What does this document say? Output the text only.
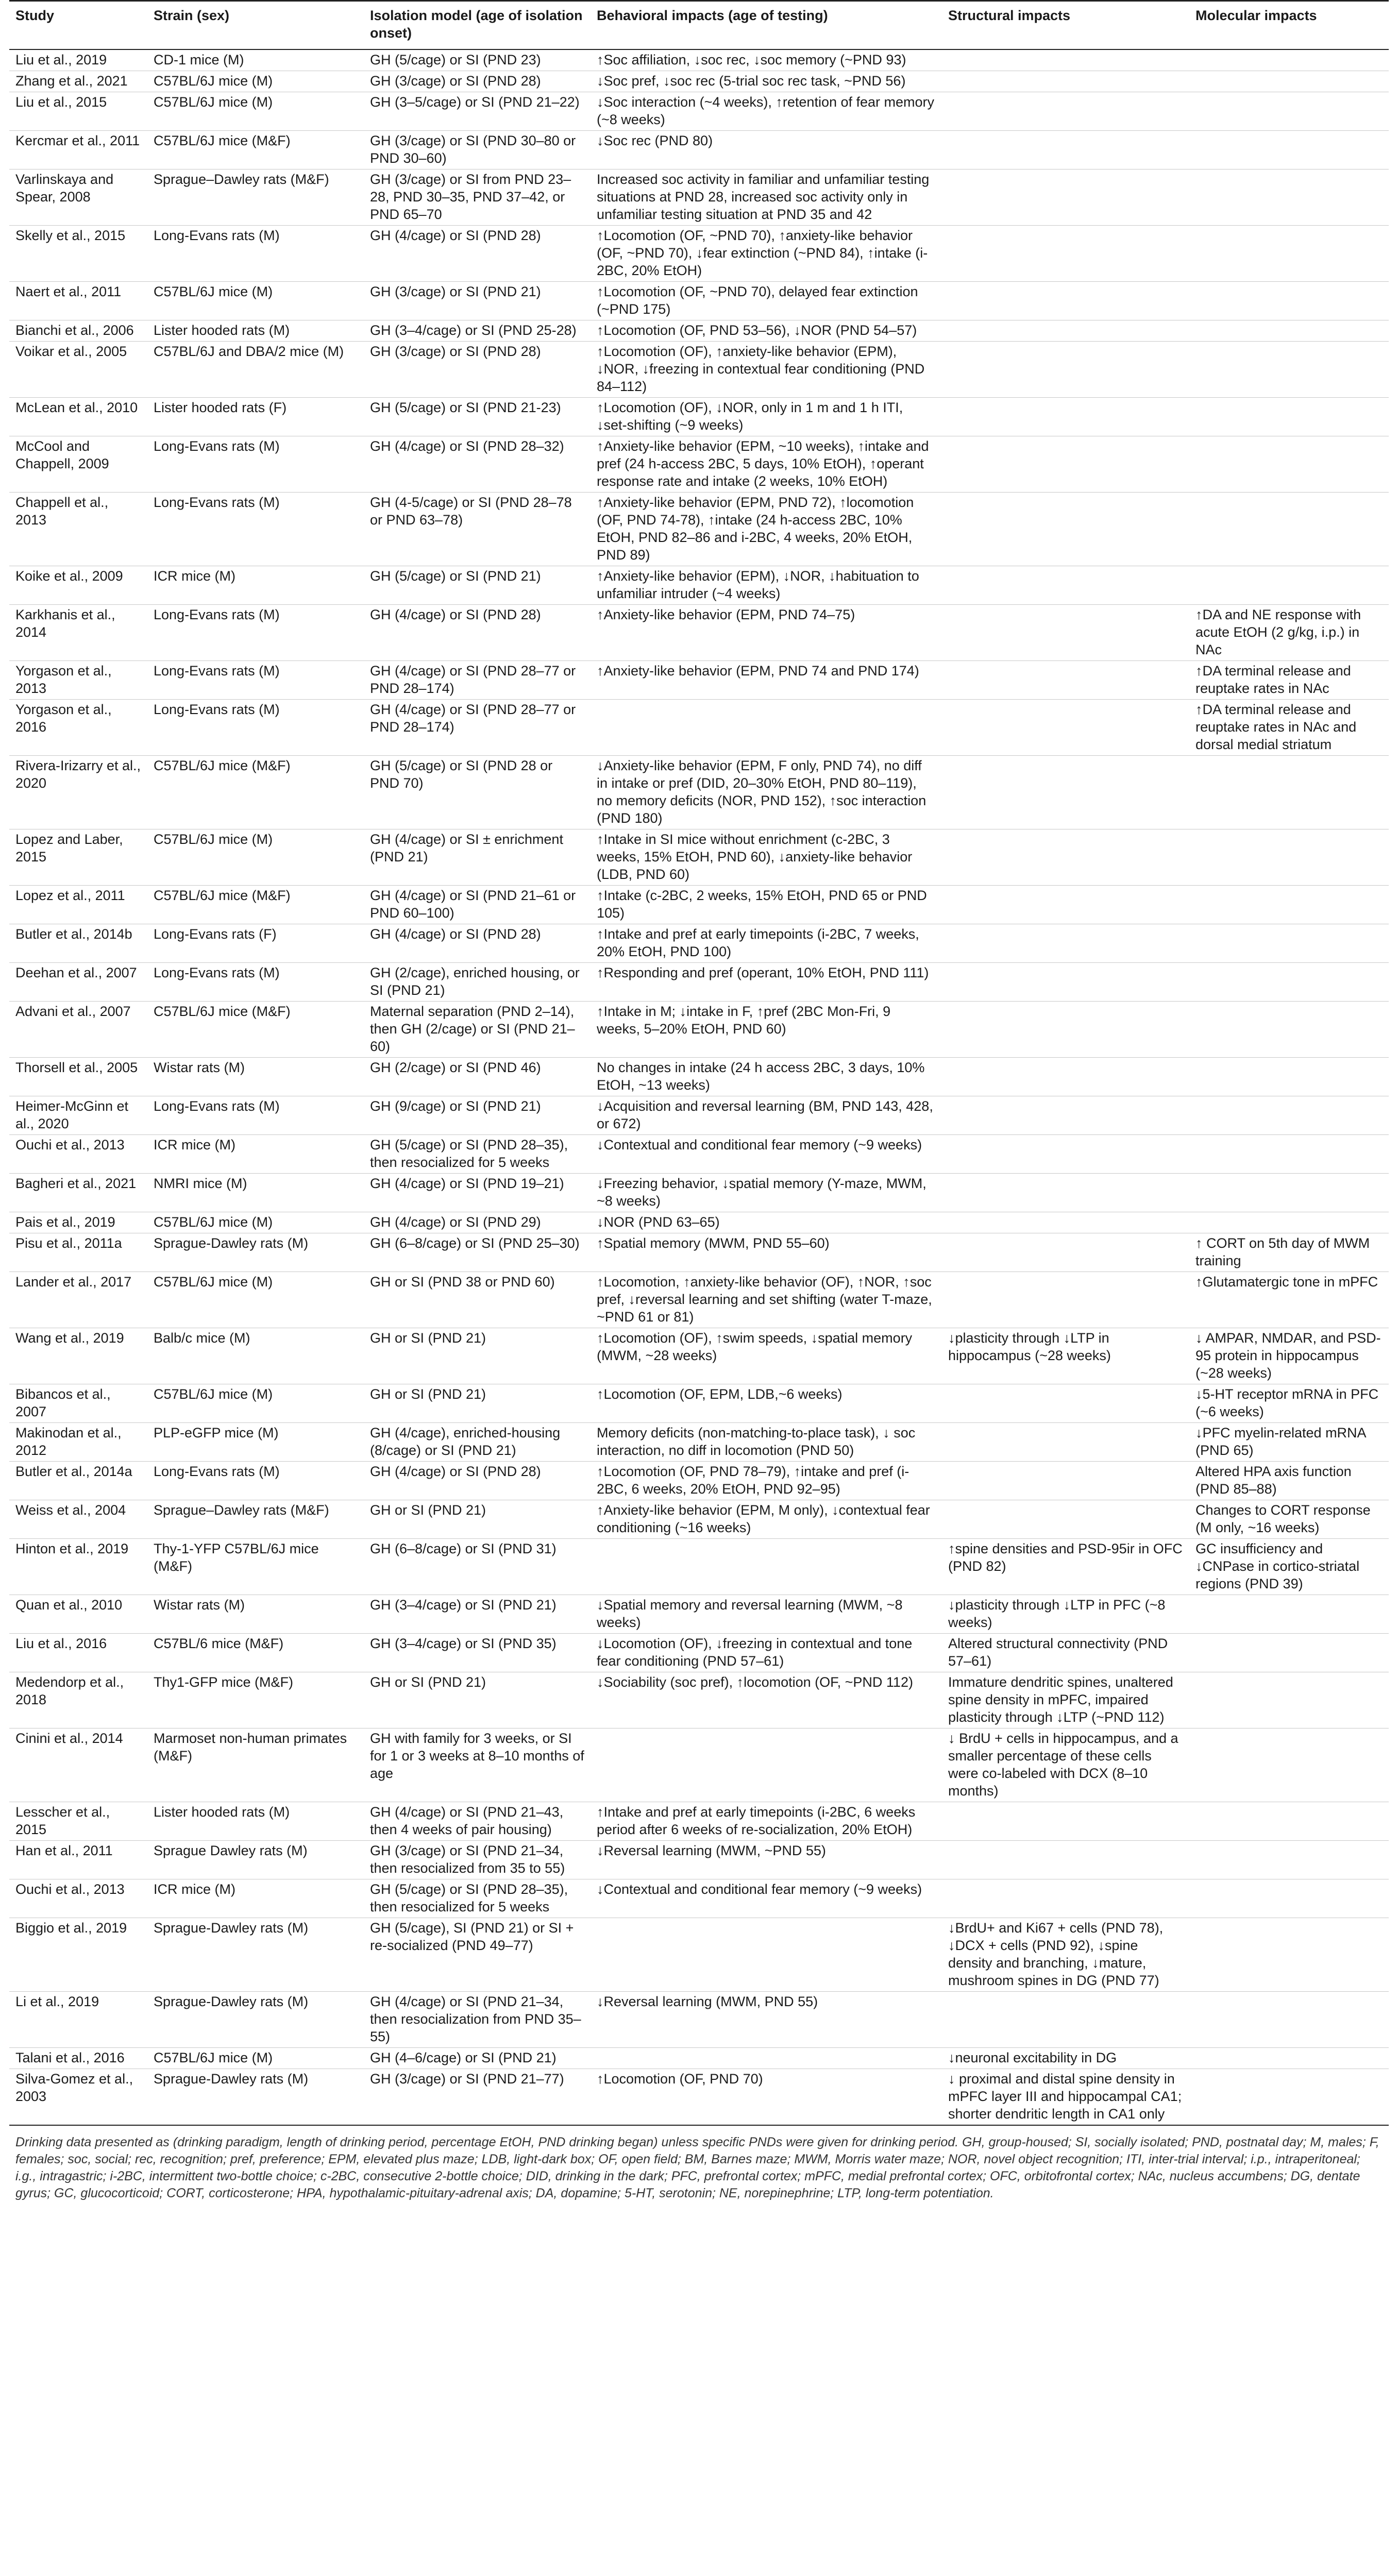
Study	Strain (sex)	Isolation model (age of isolation onset)	Behavioral impacts (age of testing)	Structural impacts	Molecular impacts
Liu et al., 2019	CD-1 mice (M)	GH (5/cage) or SI (PND 23)	↑Soc affiliation, ↓soc rec, ↓soc memory (~PND 93)		
Zhang et al., 2021	C57BL/6J mice (M)	GH (3/cage) or SI (PND 28)	↓Soc pref, ↓soc rec (5-trial soc rec task, ~PND 56)		
Liu et al., 2015	C57BL/6J mice (M)	GH (3–5/cage) or SI (PND 21–22)	↓Soc interaction (~4 weeks), ↑retention of fear memory (~8 weeks)		
Kercmar et al., 2011	C57BL/6J mice (M&F)	GH (3/cage) or SI (PND 30–80 or PND 30–60)	↓Soc rec (PND 80)		
Varlinskaya and Spear, 2008	Sprague–Dawley rats (M&F)	GH (3/cage) or SI from PND 23–28, PND 30–35, PND 37–42, or PND 65–70	Increased soc activity in familiar and unfamiliar testing situations at PND 28, increased soc activity only in unfamiliar testing situation at PND 35 and 42		
Skelly et al., 2015	Long-Evans rats (M)	GH (4/cage) or SI (PND 28)	↑Locomotion (OF, ~PND 70), ↑anxiety-like behavior (OF, ~PND 70), ↓fear extinction (~PND 84), ↑intake (i-2BC, 20% EtOH)		
Naert et al., 2011	C57BL/6J mice (M)	GH (3/cage) or SI (PND 21)	↑Locomotion (OF, ~PND 70), delayed fear extinction (~PND 175)		
Bianchi et al., 2006	Lister hooded rats (M)	GH (3–4/cage) or SI (PND 25-28)	↑Locomotion (OF, PND 53–56), ↓NOR (PND 54–57)		
Voikar et al., 2005	C57BL/6J and DBA/2 mice (M)	GH (3/cage) or SI (PND 28)	↑Locomotion (OF), ↑anxiety-like behavior (EPM), ↓NOR, ↓freezing in contextual fear conditioning (PND 84–112)		
McLean et al., 2010	Lister hooded rats (F)	GH (5/cage) or SI (PND 21-23)	↑Locomotion (OF), ↓NOR, only in 1 m and 1 h ITI, ↓set-shifting (~9 weeks)		
McCool and Chappell, 2009	Long-Evans rats (M)	GH (4/cage) or SI (PND 28–32)	↑Anxiety-like behavior (EPM, ~10 weeks), ↑intake and pref (24 h-access 2BC, 5 days, 10% EtOH), ↑operant response rate and intake (2 weeks, 10% EtOH)		
Chappell et al., 2013	Long-Evans rats (M)	GH (4-5/cage) or SI (PND 28–78 or PND 63–78)	↑Anxiety-like behavior (EPM, PND 72), ↑locomotion (OF, PND 74-78), ↑intake (24 h-access 2BC, 10% EtOH, PND 82–86 and i-2BC, 4 weeks, 20% EtOH, PND 89)		
Koike et al., 2009	ICR mice (M)	GH (5/cage) or SI (PND 21)	↑Anxiety-like behavior (EPM), ↓NOR, ↓habituation to unfamiliar intruder (~4 weeks)		
Karkhanis et al., 2014	Long-Evans rats (M)	GH (4/cage) or SI (PND 28)	↑Anxiety-like behavior (EPM, PND 74–75)		↑DA and NE response with acute EtOH (2 g/kg, i.p.) in NAc
Yorgason et al., 2013	Long-Evans rats (M)	GH (4/cage) or SI (PND 28–77 or PND 28–174)	↑Anxiety-like behavior (EPM, PND 74 and PND 174)		↑DA terminal release and reuptake rates in NAc
Yorgason et al., 2016	Long-Evans rats (M)	GH (4/cage) or SI (PND 28–77 or PND 28–174)			↑DA terminal release and reuptake rates in NAc and dorsal medial striatum
Rivera-Irizarry et al., 2020	C57BL/6J mice (M&F)	GH (5/cage) or SI (PND 28 or PND 70)	↓Anxiety-like behavior (EPM, F only, PND 74), no diff in intake or pref (DID, 20–30% EtOH, PND 80–119), no memory deficits (NOR, PND 152), ↑soc interaction (PND 180)		
Lopez and Laber, 2015	C57BL/6J mice (M)	GH (4/cage) or SI ± enrichment (PND 21)	↑Intake in SI mice without enrichment (c-2BC, 3 weeks, 15% EtOH, PND 60), ↓anxiety-like behavior (LDB, PND 60)		
Lopez et al., 2011	C57BL/6J mice (M&F)	GH (4/cage) or SI (PND 21–61 or PND 60–100)	↑Intake (c-2BC, 2 weeks, 15% EtOH, PND 65 or PND 105)		
Butler et al., 2014b	Long-Evans rats (F)	GH (4/cage) or SI (PND 28)	↑Intake and pref at early timepoints (i-2BC, 7 weeks, 20% EtOH, PND 100)		
Deehan et al., 2007	Long-Evans rats (M)	GH (2/cage), enriched housing, or SI (PND 21)	↑Responding and pref (operant, 10% EtOH, PND 111)		
Advani et al., 2007	C57BL/6J mice (M&F)	Maternal separation (PND 2–14), then GH (2/cage) or SI (PND 21–60)	↑Intake in M; ↓intake in F, ↑pref (2BC Mon-Fri, 9 weeks, 5–20% EtOH, PND 60)		
Thorsell et al., 2005	Wistar rats (M)	GH (2/cage) or SI (PND 46)	No changes in intake (24 h access 2BC, 3 days, 10% EtOH, ~13 weeks)		
Heimer-McGinn et al., 2020	Long-Evans rats (M)	GH (9/cage) or SI (PND 21)	↓Acquisition and reversal learning (BM, PND 143, 428, or 672)		
Ouchi et al., 2013	ICR mice (M)	GH (5/cage) or SI (PND 28–35), then resocialized for 5 weeks	↓Contextual and conditional fear memory (~9 weeks)		
Bagheri et al., 2021	NMRI mice (M)	GH (4/cage) or SI (PND 19–21)	↓Freezing behavior, ↓spatial memory (Y-maze, MWM, ~8 weeks)		
Pais et al., 2019	C57BL/6J mice (M)	GH (4/cage) or SI (PND 29)	↓NOR (PND 63–65)		
Pisu et al., 2011a	Sprague-Dawley rats (M)	GH (6–8/cage) or SI (PND 25–30)	↑Spatial memory (MWM, PND 55–60)		↑ CORT on 5th day of MWM training
Lander et al., 2017	C57BL/6J mice (M)	GH or SI (PND 38 or PND 60)	↑Locomotion, ↑anxiety-like behavior (OF), ↑NOR, ↑soc pref, ↓reversal learning and set shifting (water T-maze, ~PND 61 or 81)		↑Glutamatergic tone in mPFC
Wang et al., 2019	Balb/c mice (M)	GH or SI (PND 21)	↑Locomotion (OF), ↑swim speeds, ↓spatial memory (MWM, ~28 weeks)	↓plasticity through ↓LTP in hippocampus (~28 weeks)	↓ AMPAR, NMDAR, and PSD-95 protein in hippocampus (~28 weeks)
Bibancos et al., 2007	C57BL/6J mice (M)	GH or SI (PND 21)	↑Locomotion (OF, EPM, LDB,~6 weeks)		↓5-HT receptor mRNA in PFC (~6 weeks)
Makinodan et al., 2012	PLP-eGFP mice (M)	GH (4/cage), enriched-housing (8/cage) or SI (PND 21)	Memory deficits (non-matching-to-place task), ↓ soc interaction, no diff in locomotion (PND 50)		↓PFC myelin-related mRNA (PND 65)
Butler et al., 2014a	Long-Evans rats (M)	GH (4/cage) or SI (PND 28)	↑Locomotion (OF, PND 78–79), ↑intake and pref (i-2BC, 6 weeks, 20% EtOH, PND 92–95)		Altered HPA axis function (PND 85–88)
Weiss et al., 2004	Sprague–Dawley rats (M&F)	GH or SI (PND 21)	↑Anxiety-like behavior (EPM, M only), ↓contextual fear conditioning (~16 weeks)		Changes to CORT response (M only, ~16 weeks)
Hinton et al., 2019	Thy-1-YFP C57BL/6J mice (M&F)	GH (6–8/cage) or SI (PND 31)		↑spine densities and PSD-95ir in OFC (PND 82)	GC insufficiency and ↓CNPase in cortico-striatal regions (PND 39)
Quan et al., 2010	Wistar rats (M)	GH (3–4/cage) or SI (PND 21)	↓Spatial memory and reversal learning (MWM, ~8 weeks)	↓plasticity through ↓LTP in PFC (~8 weeks)	
Liu et al., 2016	C57BL/6 mice (M&F)	GH (3–4/cage) or SI (PND 35)	↓Locomotion (OF), ↓freezing in contextual and tone fear conditioning (PND 57–61)	Altered structural connectivity (PND 57–61)	
Medendorp et al., 2018	Thy1-GFP mice (M&F)	GH or SI (PND 21)	↓Sociability (soc pref), ↑locomotion (OF, ~PND 112)	Immature dendritic spines, unaltered spine density in mPFC, impaired plasticity through ↓LTP (~PND 112)	
Cinini et al., 2014	Marmoset non-human primates (M&F)	GH with family for 3 weeks, or SI for 1 or 3 weeks at 8–10 months of age		↓ BrdU + cells in hippocampus, and a smaller percentage of these cells were co-labeled with DCX (8–10 months)	
Lesscher et al., 2015	Lister hooded rats (M)	GH (4/cage) or SI (PND 21–43, then 4 weeks of pair housing)	↑Intake and pref at early timepoints (i-2BC, 6 weeks period after 6 weeks of re-socialization, 20% EtOH)		
Han et al., 2011	Sprague Dawley rats (M)	GH (3/cage) or SI (PND 21–34, then resocialized from 35 to 55)	↓Reversal learning (MWM, ~PND 55)		
Ouchi et al., 2013	ICR mice (M)	GH (5/cage) or SI (PND 28–35), then resocialized for 5 weeks	↓Contextual and conditional fear memory (~9 weeks)		
Biggio et al., 2019	Sprague-Dawley rats (M)	GH (5/cage), SI (PND 21) or SI + re-socialized (PND 49–77)		↓BrdU+ and Ki67 + cells (PND 78), ↓DCX + cells (PND 92), ↓spine density and branching, ↓mature, mushroom spines in DG (PND 77)	
Li et al., 2019	Sprague-Dawley rats (M)	GH (4/cage) or SI (PND 21–34, then resocialization from PND 35–55)	↓Reversal learning (MWM, PND 55)		
Talani et al., 2016	C57BL/6J mice (M)	GH (4–6/cage) or SI (PND 21)		↓neuronal excitability in DG	
Silva-Gomez et al., 2003	Sprague-Dawley rats (M)	GH (3/cage) or SI (PND 21–77)	↑Locomotion (OF, PND 70)	↓ proximal and distal spine density in mPFC layer III and hippocampal CA1; shorter dendritic length in CA1 only	
Drinking data presented as (drinking paradigm, length of drinking period, percentage EtOH, PND drinking began) unless specific PNDs were given for drinking period. GH, group-housed; SI, socially isolated; PND, postnatal day; M, males; F, females; soc, social; rec, recognition; pref, preference; EPM, elevated plus maze; LDB, light-dark box; OF, open field; BM, Barnes maze; MWM, Morris water maze; NOR, novel object recognition; ITI, inter-trial interval; i.p., intraperitoneal; i.g., intragastric; i-2BC, intermittent two-bottle choice; c-2BC, consecutive 2-bottle choice; DID, drinking in the dark; PFC, prefrontal cortex; mPFC, medial prefrontal cortex; OFC, orbitofrontal cortex; NAc, nucleus accumbens; DG, dentate gyrus; GC, glucocorticoid; CORT, corticosterone; HPA, hypothalamic-pituitary-adrenal axis; DA, dopamine; 5-HT, serotonin; NE, norepinephrine; LTP, long-term potentiation.
